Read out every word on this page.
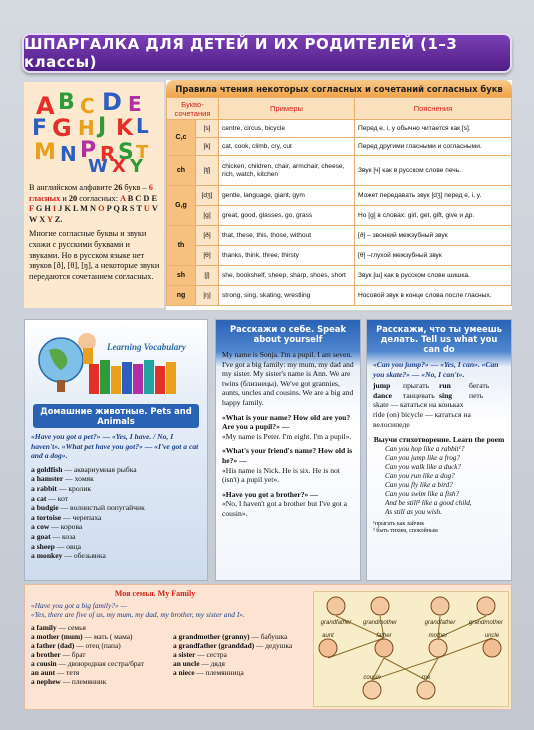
ШПАРГАЛКА ДЛЯ ДЕТЕЙ И ИХ РОДИТЕЛЕЙ (1–3 классы)
A B C D E
F G H J K L
M N P R S T
W X Y
В английском алфавите 26 букв – 6 гласных и 20 согласных: A B C D E F G H I J K L M N O P Q R S T U V W X Y Z.
Многие согласные буквы и звуки схожи с русскими буквами и звуками. Но в русском языке нет звуков [ð], [θ], [ŋ], а некоторые звуки передаются сочетанием согласных.
Правила чтения некоторых согласных и сочетаний согласных букв
Букво-сочетания		Примеры	Пояснения
C,c	[s]	centre, circus, bicycle	Перед e, i, y обычно читается как [s].
	[k]	cat, cook, climb, cry, cut	Перед другими гласными и согласными.
ch	[tʃ]	chicken, children, chair, armchair, cheese, rich, watch, kitchen	Звук [ч] как в русском слове печь.
G,g	[dʒ]	gentle, language, giant, gym	Может передавать звук [dʒ] перед e, i, y.
	[g]	great, good, glasses, go, grass	Но [g] в словах: girl, get, gift, give и др.
th	[ð]	that, these, this, those, without	[ð] – звонкий межзубный звук
	[θ]	thanks, think, three, thirsty	[θ] –глухой межзубный звук
sh	[ʃ]	she, bookshelf, sheep, sharp, shoes, short	Звук [ш] как в русском слове шишка.
ng	[ŋ]	strong, sing, skating, wrestling	Носовой звук в конце слова после гласных.
Learning Vocabulary
Домашние животные. Pets and Animals
«Have you got a pet?» — «Yes, I have. / No, I haven't». «What pet have you got?» — «I've got a cat and a dog».
a goldfish — аквариумная рыбка
a hamster — хомяк
a rabbit — кролик
a cat — кот
a budgie — волнистый попугайчик
a tortoise — черепаха
a cow — корова
a goat — коза
a sheep — овца
a monkey — обезьянка
Расскажи о себе. Speak about yourself
My name is Sonja. I'm a pupil. I am seven. I've got a big family: my mum, my dad and my sister. My sister's name is Ann. We are twins (близнецы). We've got grannies, aunts, uncles and cousins. We are a big and happy family.
«What is your name? How old are you? Are you a pupil?» —
«My name is Peter. I'm eight. I'm a pupil».
«What's your friend's name? How old is he?» —
«His name is Nick. He is six. He is not (isn't) a pupil yet».
«Have you got a brother?» —
«No, I haven't got a brother but I've got a cousin».
Расскажи, что ты умеешь делать. Tell us what you can do
«Can you jump?» — «Yes, I can». «Can you skate?» — «No, I can't».
jump прыгать run бегать
dance танцевать sing петь
skate — кататься на коньках
ride (on) bicycle — кататься на велосипеде
Выучи стихотворение. Learn the poem
Can you hop like a rabbit¹?
Can you jump like a frog?
Can you walk like a duck?
Can you run like a dog?
Can you fly like a bird?
Can you swim like a fish?
And be still² like a good child,
As still as you wish.
¹прыгать как зайчик
² быть тихим, спокойным
Моя семья. My Family
«Have you got a big family?» —
«Yes, there are five of us, my mum, my dad, my brother, my sister and I».
a family — семья
a mother (mum) — мать ( мама)
a father (dad) — отец (папа)
a brother — брат
a cousin — двоюродная сестра/брат
an aunt — тетя
a nephew — племянник
a grandmother (granny) — бабушка
a grandfather (granddad) — дедушка
a sister — сестра
an uncle — дядя
a niece — племянница
grandfather grandmother	grandfather grandmother
aunt	father	mother	uncle
cousin	me
